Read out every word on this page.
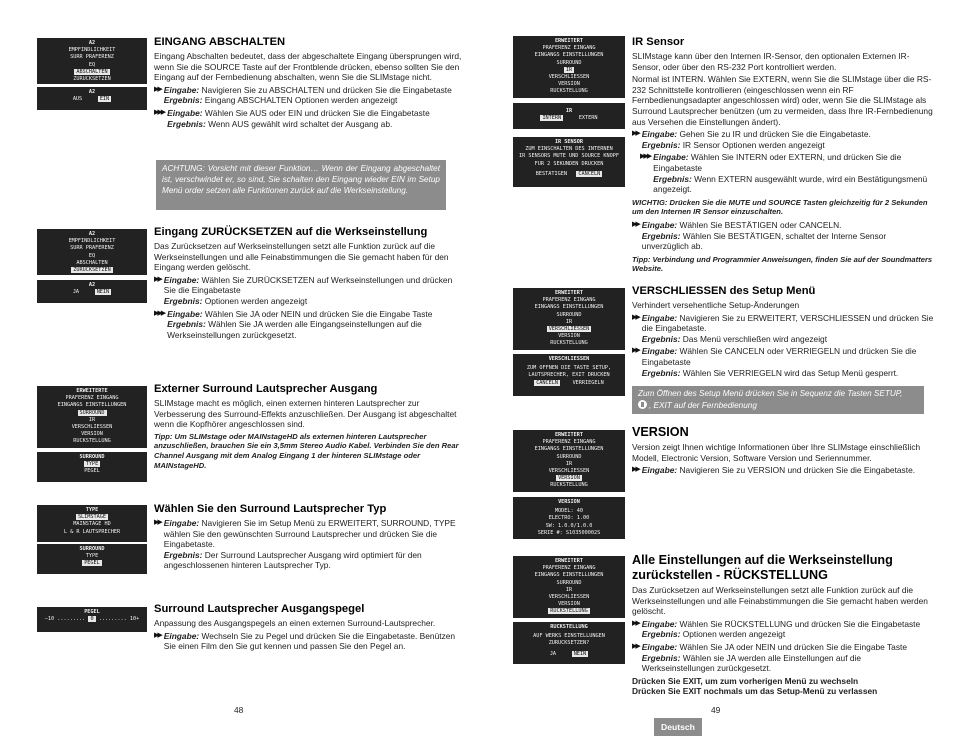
A2
EMPFINDLICHKEIT
SURR PRÄFERENZ
EQ
ABSCHALTEN
ZURÜCKSETZEN
A2
AUS	EIN
EINGANG ABSCHALTEN

Eingang Abschalten bedeutet, dass der abgeschaltete Eingang übersprungen wird, wenn Sie die SOURCE Taste auf der Frontblende drücken, ebenso sollten Sie den Eingang auf der Fernbedienung abschalten, wenn Sie die SLIMstage nicht.

▶▶ Eingabe: Navigieren Sie zu ABSCHALTEN und drücken Sie die Eingabetaste
Ergebnis: Eingang ABSCHALTEN Optionen werden angezeigt
▶▶▶ Eingabe: Wählen Sie AUS oder EIN und drücken Sie die Eingabetaste
Ergebnis: Wenn AUS gewählt wird schaltet der Ausgang ab.
ACHTUNG: Vorsicht mit dieser Funktion… Wenn der Eingang abgeschaltet ist, verschwindet er, so sind, Sie schalten den Eingang wieder EIN im Setup Menü order setzen alle Funktionen zurück auf die Werkseinstellung.
A2
EMPFINDLICHKEIT
SURR PRÄFERENZ
EQ
ABSCHALTEN
ZURÜCKSETZEN
A2
JA	NEIN
Eingang ZURÜCKSETZEN auf die Werkseinstellung

Das Zurücksetzen auf Werkseinstellungen setzt alle Funktion zurück auf die Werkseinstellungen und alle Feinabstimmungen die Sie gemacht haben für den Eingang werden gelöscht.

▶▶ Eingabe: Wählen Sie ZURÜCKSETZEN auf Werkseinstellungen und drücken Sie die Eingabetaste
Ergebnis: Optionen werden angezeigt
▶▶▶ Eingabe: Wählen Sie JA oder NEIN und drücken Sie die Eingabe Taste
Ergebnis: Wählen Sie JA werden alle Eingangseinstellungen auf die Werkseinstellungen zurückgesetzt.
ERWEITERTE
PRÄFERENZ EINGANG
EINGANGS EINSTELLUNGEN
SURROUND
IR
VERSCHLIESSEN
VERSION
RÜCKSTELLUNG
SURROUND
TYPE
PEGEL
Externer Surround Lautsprecher Ausgang

SLIMstage macht es möglich, einen externen hinteren Lautsprecher zur Verbesserung des Surround-Effekts anzuschließen. Der Ausgang ist abgeschaltet wenn die Kopfhörer angeschlossen sind.

Tipp: Um SLIMstage oder MAINstageHD als externen hinteren Lautsprecher anzuschließen, brauchen Sie ein 3,5mm Stereo Audio Kabel. Verbinden Sie den Rear Channel Ausgang mit dem Analog Eingang 1 der hinteren SLIMstage oder MAINstageHD.
TYPE
SLIMSTAGE
MAINSTAGE HD
L & R LAUTSPRECHER
SURROUND
TYPE
PEGEL
Wählen Sie den Surround Lautsprecher Typ
▶▶ Eingabe: Navigieren Sie im Setup Menü zu ERWEITERT, SURROUND, TYPE wählen Sie den gewünschten Surround Lautsprecher und drücken Sie die Eingabetaste.
Ergebnis: Der Surround Lautsprecher Ausgang wird optimiert für den angeschlossenen hinteren Lautsprecher Typ.
PEGEL
–10 ......... 0 ......... 10+
Surround Lautsprecher Ausgangspegel

Anpassung des Ausgangspegels an einen externen Surround-Lautsprecher.

▶▶ Eingabe: Wechseln Sie zu Pegel und drücken Sie die Eingabetaste. Benützen Sie einen Film den Sie gut kennen und passen Sie den Pegel an.
48
ERWEITERT
PRÄFERENZ EINGANG
EINGANGS EINSTELLUNGEN
SURROUND
IR
VERSCHLIESSEN
VERSION
RÜCKSTELLUNG
IR
INTERN	EXTERN
IR SENSOR
ZUM EINSCHALTEN DES INTERNEN
IR SENSORS MUTE UND SOURCE KNOPF
FÜR 2 SEKUNDEN DRÜCKEN
BESTÄTIGEN CANCELN
IR Sensor

SLIMstage kann über den Internen IR-Sensor, den optionalen Externen IR-Sensor, oder über den RS-232 Port kontrolliert werden.

Normal ist INTERN. Wählen Sie EXTERN, wenn Sie die SLIMstage über die RS-232 Schnittstelle kontrollieren (eingeschlossen wenn ein RF Fernbedienungsadapter angeschlossen wird) oder, wenn Sie die SLIMstage als Surround Lautsprecher benützen (um zu vermeiden, dass Ihre IR-Fernbedienung aus Versehen die Einstellungen ändert).

▶▶ Eingabe: Gehen Sie zu IR und drücken Sie die Eingabetaste.
Ergebnis: IR Sensor Optionen werden angezeigt
▶▶▶ Eingabe: Wählen Sie INTERN oder EXTERN, und drücken Sie die Eingabetaste
Ergebnis: Wenn EXTERN ausgewählt wurde, wird ein Bestätigungsmenü angezeigt.
WICHTIG: Drücken Sie die MUTE und SOURCE Tasten gleichzeitig für 2 Sekunden um den Internen IR Sensor einzuschalten.
▶▶ Eingabe: Wählen Sie BESTÄTIGEN oder CANCELN.
Ergebnis: Wählen Sie BESTÄTIGEN, schaltet der Interne Sensor unverzüglich ab.
Tipp: Verbindung und Programmier Anweisungen, finden Sie auf der Soundmatters Website.
ERWEITERT
PRÄFERENZ EINGANG
EINGANGS EINSTELLUNGEN
SURROUND
IR
VERSCHLIESSEN
VERSION
RÜCKSTELLUNG
VERSCHLIESSEN
ZUM ÖFFNEN DIE TASTE SETUP,
LAUTSPRECHER, EXIT DRÜCKEN
CANCELN	VERRIEGELN
VERSCHLIESSEN des Setup Menü

Verhindert versehentliche Setup-Änderungen

▶▶ Eingabe: Navigieren Sie zu ERWEITERT, VERSCHLIESSEN und drücken Sie die Eingabetaste.
Ergebnis: Das Menü verschließen wird angezeigt
▶▶ Eingabe: Wählen Sie CANCELN oder VERRIEGELN und drücken Sie die Eingabetaste
Ergebnis: Wählen Sie VERRIEGELN wird das Setup Menü gesperrt.
Zum Öffnen des Setup Menü drücken Sie in Sequenz die Tasten SETUP,
, EXIT auf der Fernbedienung
ERWEITERT
PRÄFERENZ EINGANG
EINGANGS EINSTELLUNGEN
SURROUND
IR
VERSCHLIESSEN
VERSION
RÜCKSTELLUNG
VERSION
MODEL: 40
ELECTRO: 1.00
SW: 1.0.0/1.0.0
SERIE #: S103500002S
VERSION

Version zeigt Ihnen wichtige Informationen über Ihre SLIMstage einschließlich Modell, Electronic Version, Software Version und Seriennummer.

▶▶ Eingabe: Navigieren Sie zu VERSION und drücken Sie die Eingabetaste.
ERWEITERT
PRÄFERENZ EINGANG
EINGANGS EINSTELLUNGEN
SURROUND
IR
VERSCHLIESSEN
VERSION
RÜCKSTELLUNG
RÜCKSTELLUNG
AUF WERKS EINSTELLUNGEN
ZURÜCKSETZEN?
JA	NEIN
Alle Einstellungen auf die Werkseinstellung zurückstellen - RÜCKSTELLUNG

Das Zurücksetzen auf Werkseinstellungen setzt alle Funktion zurück auf die Werkseinstellungen und alle Feinabstimmungen die Sie gemacht haben werden gelöscht.

▶▶ Eingabe: Wählen Sie RÜCKSTELLUNG und drücken Sie die Eingabetaste
Ergebnis: Optionen werden angezeigt
▶▶ Eingabe: Wählen Sie JA oder NEIN und drücken Sie die Eingabe Taste
Ergebnis: Wählen sie JA werden alle Einstellungen auf die Werkseinstellungen zurückgesetzt.
Drücken Sie EXIT, um zum vorherigen Menü zu wechseln
Drücken Sie EXIT nochmals um das Setup-Menü zu verlassen
49
Deutsch
